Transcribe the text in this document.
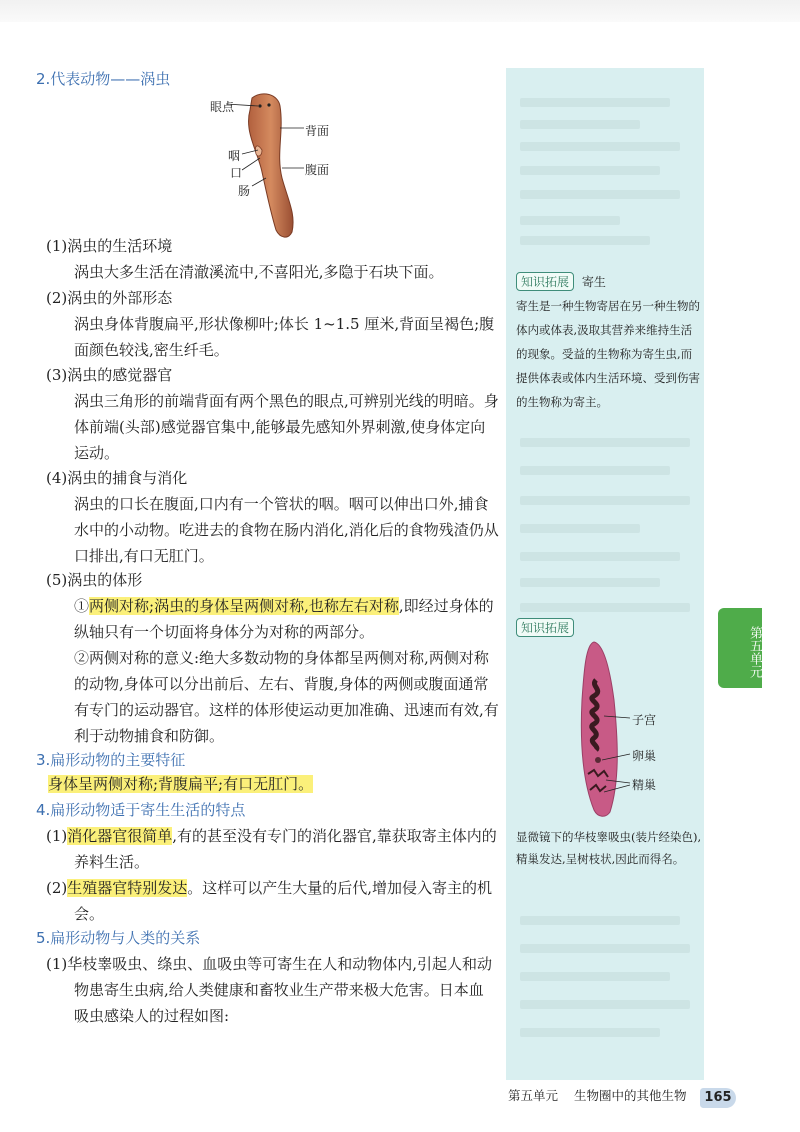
2.代表动物——涡虫
眼点
背面
咽
口	腹面
肠
(1)涡虫的生活环境
涡虫大多生活在清澈溪流中,不喜阳光,多隐于石块下面。
(2)涡虫的外部形态
涡虫身体背腹扁平,形状像柳叶;体长 1~1.5 厘米,背面呈褐色;腹面颜色较浅,密生纤毛。
(3)涡虫的感觉器官
涡虫三角形的前端背面有两个黑色的眼点,可辨别光线的明暗。身体前端(头部)感觉器官集中,能够最先感知外界刺激,使身体定向运动。
(4)涡虫的捕食与消化
涡虫的口长在腹面,口内有一个管状的咽。咽可以伸出口外,捕食水中的小动物。吃进去的食物在肠内消化,消化后的食物残渣仍从口排出,有口无肛门。
(5)涡虫的体形
①两侧对称;涡虫的身体呈两侧对称,也称左右对称,即经过身体的纵轴只有一个切面将身体分为对称的两部分。
②两侧对称的意义:绝大多数动物的身体都呈两侧对称,两侧对称的动物,身体可以分出前后、左右、背腹,身体的两侧或腹面通常有专门的运动器官。这样的体形使运动更加准确、迅速而有效,有利于动物捕食和防御。
3.扁形动物的主要特征
身体呈两侧对称;背腹扁平;有口无肛门。
4.扁形动物适于寄生生活的特点
(1)消化器官很简单,有的甚至没有专门的消化器官,靠获取寄主体内的养料生活。
(2)生殖器官特别发达。这样可以产生大量的后代,增加侵入寄主的机会。
5.扁形动物与人类的关系
(1)华枝睾吸虫、绦虫、血吸虫等可寄生在人和动物体内,引起人和动物患寄生虫病,给人类健康和畜牧业生产带来极大危害。日本血吸虫感染人的过程如图:
知识拓展 寄生
寄生是一种生物寄居在另一种生物的体内或体表,汲取其营养来维持生活的现象。受益的生物称为寄生虫,而提供体表或体内生活环境、受到伤害的生物称为寄主。
知识拓展
子宫
卵巢
精巢
显微镜下的华枝睾吸虫(装片经染色),精巢发达,呈树枝状,因此而得名。
第五单元
第五单元 生物圈中的其他生物	165
